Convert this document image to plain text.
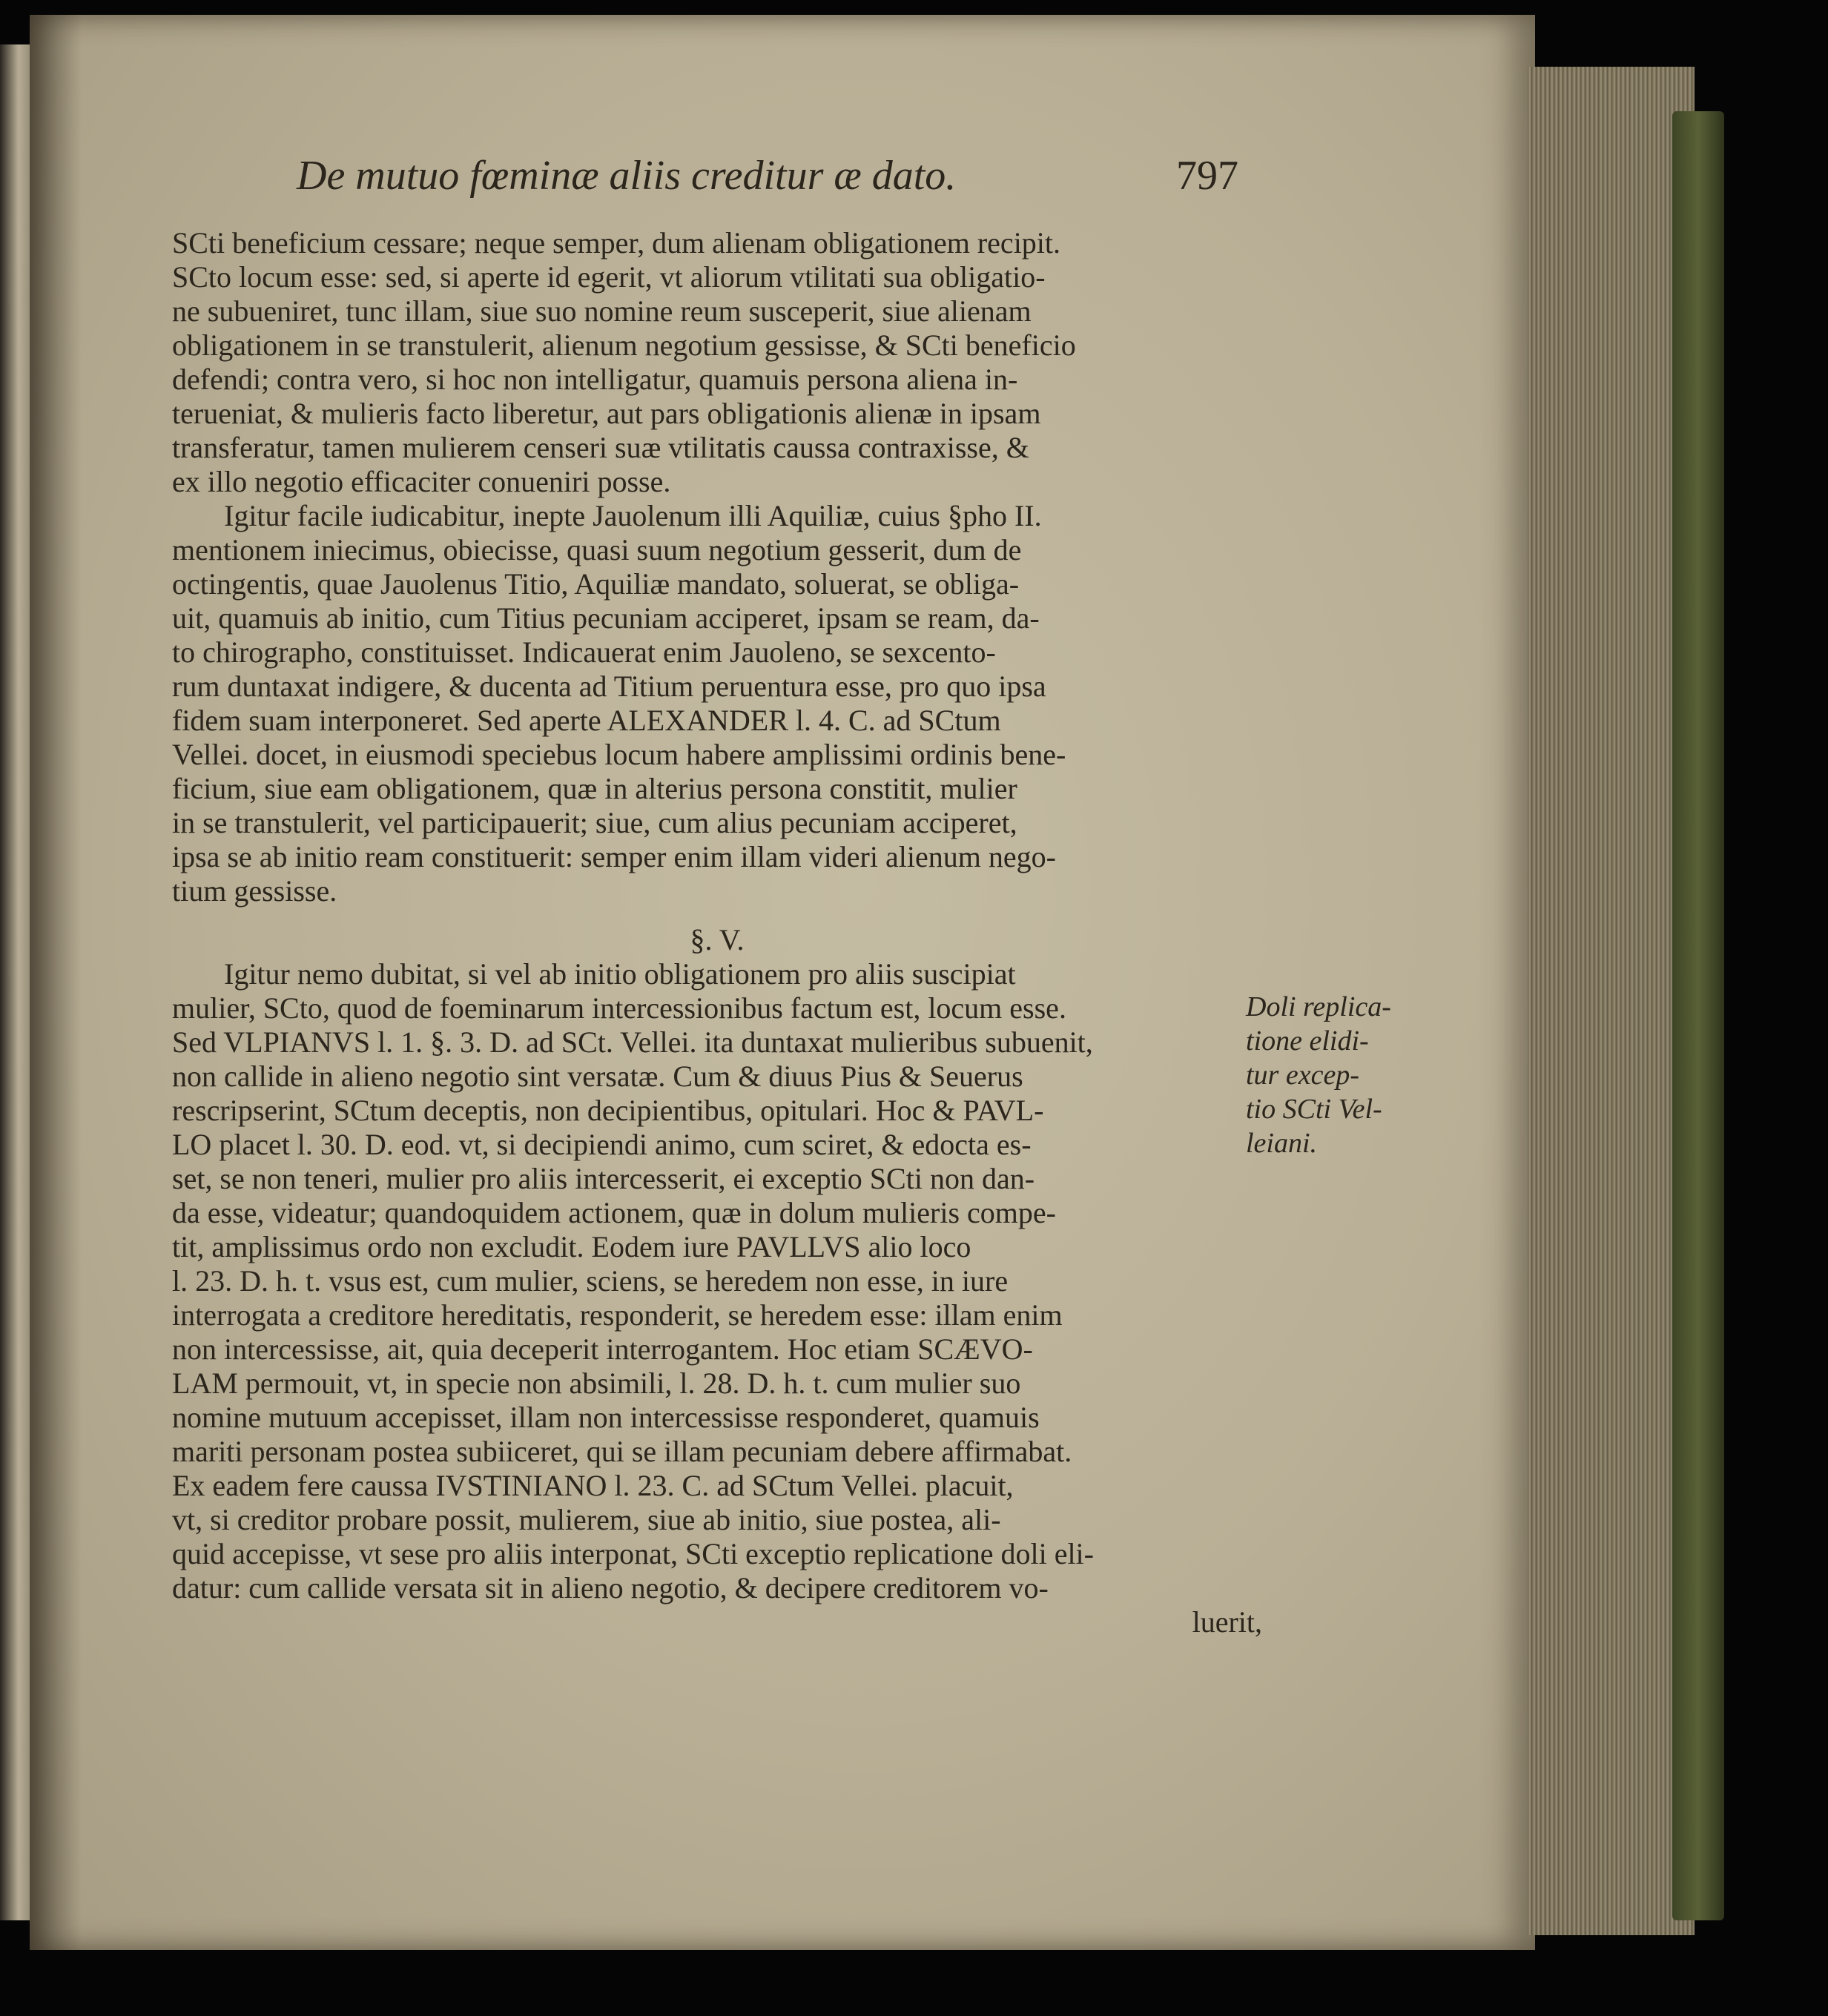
De mutuo fœminæ aliis creditur æ dato.	797
SCti beneficium cessare; neque semper, dum alienam obligationem recipit.
SCto locum esse: sed, si aperte id egerit, vt aliorum vtilitati sua obligatio-
ne subueniret, tunc illam, siue suo nomine reum susceperit, siue alienam
obligationem in se transtulerit, alienum negotium gessisse, & SCti beneficio
defendi; contra vero, si hoc non intelligatur, quamuis persona aliena in-
terueniat, & mulieris facto liberetur, aut pars obligationis alienæ in ipsam
transferatur, tamen mulierem censeri suæ vtilitatis caussa contraxisse, &
ex illo negotio efficaciter conueniri posse.
Igitur facile iudicabitur, inepte Jauolenum illi Aquiliæ, cuius §pho II.
mentionem iniecimus, obiecisse, quasi suum negotium gesserit, dum de
octingentis, quae Jauolenus Titio, Aquiliæ mandato, soluerat, se obliga-
uit, quamuis ab initio, cum Titius pecuniam acciperet, ipsam se ream, da-
to chirographo, constituisset. Indicauerat enim Jauoleno, se sexcento-
rum duntaxat indigere, & ducenta ad Titium peruentura esse, pro quo ipsa
fidem suam interponeret. Sed aperte ALEXANDER l. 4. C. ad SCtum
Vellei. docet, in eiusmodi speciebus locum habere amplissimi ordinis bene-
ficium, siue eam obligationem, quæ in alterius persona constitit, mulier
in se transtulerit, vel participauerit; siue, cum alius pecuniam acciperet,
ipsa se ab initio ream constituerit: semper enim illam videri alienum nego-
tium gessisse.
§. V.
Igitur nemo dubitat, si vel ab initio obligationem pro aliis suscipiat
mulier, SCto, quod de foeminarum intercessionibus factum est, locum esse.
Sed VLPIANVS l. 1. §. 3. D. ad SCt. Vellei. ita duntaxat mulieribus subuenit,
non callide in alieno negotio sint versatæ. Cum & diuus Pius & Seuerus
rescripserint, SCtum deceptis, non decipientibus, opitulari. Hoc & PAVL-
LO placet l. 30. D. eod. vt, si decipiendi animo, cum sciret, & edocta es-
set, se non teneri, mulier pro aliis intercesserit, ei exceptio SCti non dan-
da esse, videatur; quandoquidem actionem, quæ in dolum mulieris compe-
tit, amplissimus ordo non excludit. Eodem iure PAVLLVS alio loco
l. 23. D. h. t. vsus est, cum mulier, sciens, se heredem non esse, in iure
interrogata a creditore hereditatis, responderit, se heredem esse: illam enim
non intercessisse, ait, quia deceperit interrogantem. Hoc etiam SCÆVO-
LAM permouit, vt, in specie non absimili, l. 28. D. h. t. cum mulier suo
nomine mutuum accepisset, illam non intercessisse responderet, quamuis
mariti personam postea subiiceret, qui se illam pecuniam debere affirmabat.
Ex eadem fere caussa IVSTINIANO l. 23. C. ad SCtum Vellei. placuit,
vt, si creditor probare possit, mulierem, siue ab initio, siue postea, ali-
quid accepisse, vt sese pro aliis interponat, SCti exceptio replicatione doli eli-
datur: cum callide versata sit in alieno negotio, & decipere creditorem vo-
luerit,
Doli replica-
tione elidi-
tur excep-
tio SCti Vel-
leiani.
